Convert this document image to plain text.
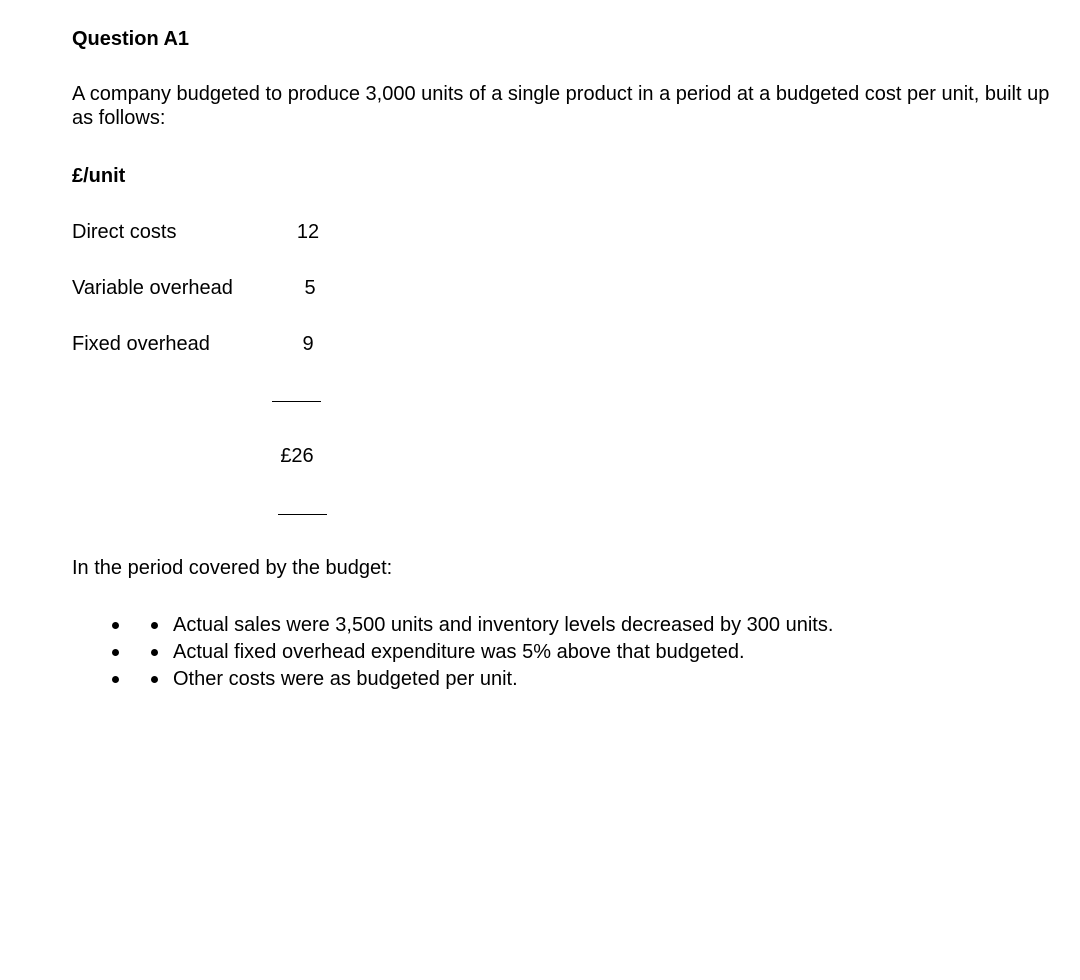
Question A1
A company budgeted to produce 3,000 units of a single product in a period at a budgeted cost per unit, built up as follows:
£/unit
Direct costs	12
Variable overhead	5
Fixed overhead	9
£26
In the period covered by the budget:
Actual sales were 3,500 units and inventory levels decreased by 300 units.
Actual fixed overhead expenditure was 5% above that budgeted.
Other costs were as budgeted per unit.
